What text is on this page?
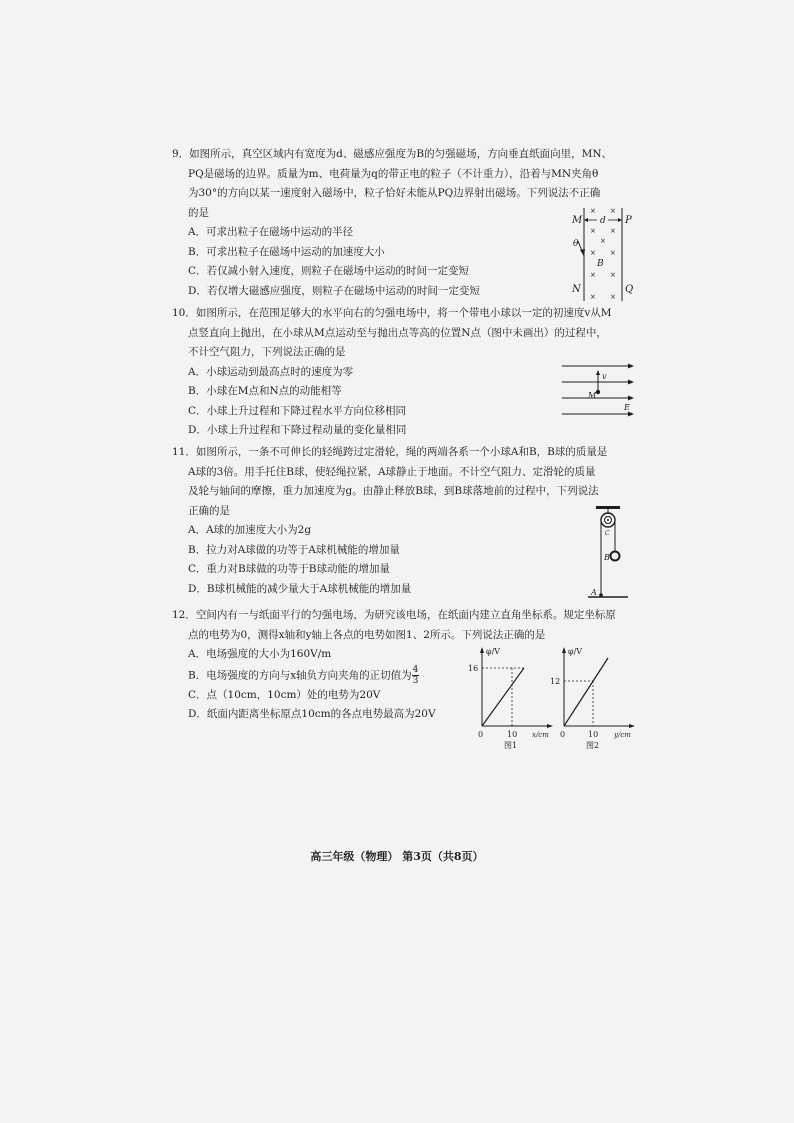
9．如图所示，真空区域内有宽度为d、磁感应强度为B的匀强磁场，方向垂直纸面向里，MN、

PQ是磁场的边界。质量为m、电荷量为q的带正电的粒子（不计重力），沿着与MN夹角θ

为30°的方向以某一速度射入磁场中，粒子恰好未能从PQ边界射出磁场。下列说法不正确

的是

A．可求出粒子在磁场中运动的半径

B．可求出粒子在磁场中运动的加速度大小

C．若仅减小射入速度，则粒子在磁场中运动的时间一定变短

D．若仅增大磁感应强度，则粒子在磁场中运动的时间一定变短

M	P
N	Q
d
B
θ
× ×
× ×
×
× ×
× ×
× ×

10．如图所示，在范围足够大的水平向右的匀强电场中，将一个带电小球以一定的初速度v从M

点竖直向上抛出，在小球从M点运动至与抛出点等高的位置N点（图中未画出）的过程中，

不计空气阻力，下列说法正确的是

A．小球运动到最高点时的速度为零

B．小球在M点和N点的动能相等

C．小球上升过程和下降过程水平方向位移相同

D．小球上升过程和下降过程动量的变化量相同

v
M
E

11．如图所示，一条不可伸长的轻绳跨过定滑轮，绳的两端各系一个小球A和B，B球的质量是

A球的3倍。用手托住B球，使轻绳拉紧，A球静止于地面。不计空气阻力、定滑轮的质量

及轮与轴间的摩擦，重力加速度为g。由静止释放B球，到B球落地前的过程中，下列说法

正确的是

A．A球的加速度大小为2g

B．拉力对A球做的功等于A球机械能的增加量

C．重力对B球做的功等于B球动能的增加量

D．B球机械能的减少量大于A球机械能的增加量

C
B
A

12．空间内有一与纸面平行的匀强电场，为研究该电场，在纸面内建立直角坐标系。规定坐标原

点的电势为0，测得x轴和y轴上各点的电势如图1、2所示。下列说法正确的是

A．电场强度的大小为160V/m

B．电场强度的方向与x轴负方向夹角的正切值为 $\frac{4}{3}$

C．点（10cm，10cm）处的电势为20V

D．纸面内距离坐标原点10cm的各点电势最高为20V

φ/V
16
0	10 x/cm
图1
φ/V
12
0	10 y/cm
图2
高三年级（物理） 第3页（共8页）
